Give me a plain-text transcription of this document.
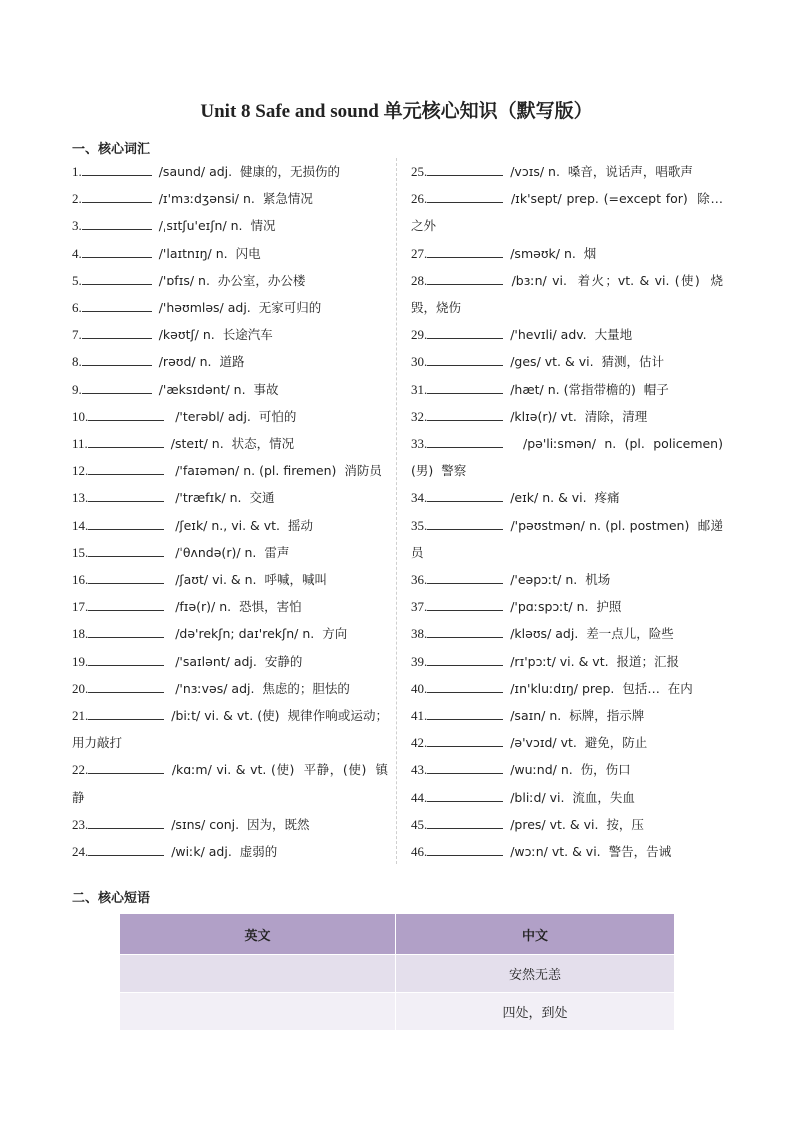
Unit 8 Safe and sound 单元核心知识（默写版）
一、核心词汇
1.	/saund/ adj.  健康的，无损伤的
2.	/ɪ'mɜːdʒənsi/ n.  紧急情况
3.	/ˌsɪtʃu'eɪʃn/ n.  情况
4.	/'laɪtnɪŋ/ n.  闪电
5.	/'ɒfɪs/ n.  办公室，办公楼
6.	/'həʊmləs/ adj.  无家可归的
7.	/kəʊtʃ/ n.  长途汽车
8.	/rəʊd/ n.  道路
9.	/'æksɪdənt/ n.  事故
10.	/'terəbl/ adj.  可怕的
11.	/steɪt/ n.  状态，情况
12.	/'faɪəmən/ n. (pl. firemen)  消防员
13.	/'træfɪk/ n.  交通
14.	/ʃeɪk/ n., vi. & vt.  摇动
15.	/ˈθʌndə(r)/ n.  雷声
16.	/ʃaʊt/ vi. & n.  呼喊，喊叫
17.	/fɪə(r)/ n.  恐惧，害怕
18.	/də'rekʃn; daɪ'rekʃn/ n.  方向
19.	/'saɪlənt/ adj.  安静的
20.	/'nɜːvəs/ adj.  焦虑的；胆怯的
21.	/biːt/ vi. & vt. (使)  规律作响或运动；用力敲打
22.	/kɑːm/ vi. & vt. (使)  平静，(使)  镇静
23.	/sɪns/ conj.  因为，既然
24.	/wiːk/ adj.  虚弱的
25.	/vɔɪs/ n.  嗓音，说话声，唱歌声
26.	/ɪk'sept/ prep. (=except for)  除…  之外
27.	/sməʊk/ n.  烟
28.	/bɜːn/ vi.  着火；vt. & vi. (使)  烧毁，烧伤
29.	/'hevɪli/ adv.  大量地
30.	/ges/ vt. & vi.  猜测，估计
31.	/hæt/ n. (常指带檐的)  帽子
32.	/klɪə(r)/ vt.  清除，清理
33.	/pə'liːsmən/ n. (pl. policemen)  (男)  警察
34.	/eɪk/ n. & vi.  疼痛
35.	/'pəʊstmən/ n. (pl. postmen)  邮递员
36.	/'eəpɔːt/ n.  机场
37.	/'pɑːspɔːt/ n.  护照
38.	/kləʊs/ adj.  差一点儿，险些
39.	/rɪ'pɔːt/ vi. & vt.  报道；汇报
40.	/ɪn'kluːdɪŋ/ prep.  包括…  在内
41.	/saɪn/ n.  标牌，指示牌
42.	/ə'vɔɪd/ vt.  避免，防止
43.	/wuːnd/ n.  伤，伤口
44.	/bliːd/ vi.  流血，失血
45.	/pres/ vt. & vi.  按，压
46.	/wɔːn/ vt. & vi.  警告，告诫
二、核心短语
英文	中文
	安然无恙
	四处，到处
